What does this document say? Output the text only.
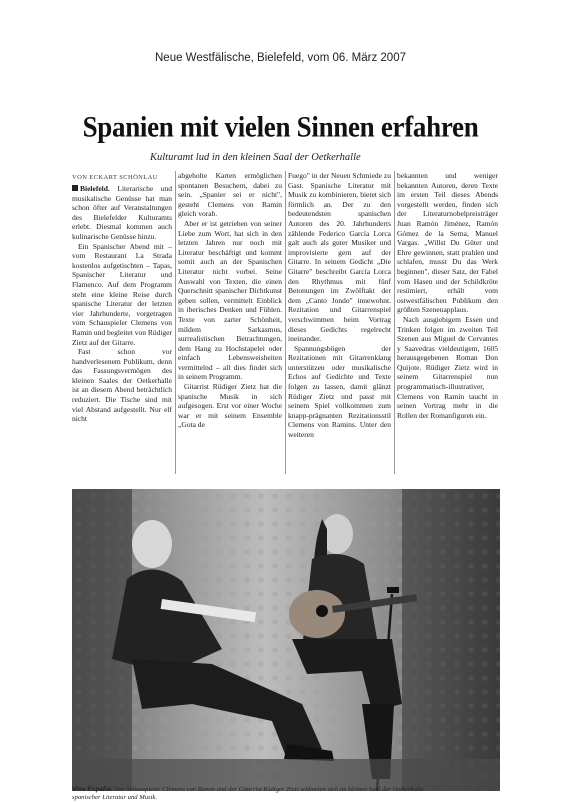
Neue Westfälische, Bielefeld, vom 06. März 2007
Spanien mit vielen Sinnen erfahren
Kulturamt lud in den kleinen Saal der Oetkerhalle
VON ECKART SCHÖNLAU

Bielefeld. Literarische und musikalische Genüsse hat man schon öfter auf Veranstaltungen des Bielefelder Kulturamts erlebt. Diesmal kommen auch kulinarische Genüsse hinzu.

Ein Spanischer Abend mit – vom Restaurant La Strada kostenlos aufgetischten – Tapas, Spanischer Literatur und Flamenco. Auf dem Programm steht eine kleine Reise durch spanische Literatur der letzten vier Jahrhunderte, vorgetragen vom Schauspieler Clemens von Ramin und begleitet von Rüdiger Zietz auf der Gitarre.

Fast schon vor handverlesenem Publikum, denn das Fassungsvermögen des kleinen Saales der Oetkerhalle ist an diesem Abend beträchtlich reduziert. Die Tische sind mit viel Abstand aufgestellt. Nur elf nicht

abgeholte Karten ermöglichen spontanen Besuchern, dabei zu sein. „Spanier sei er nicht", gesteht Clemens von Ramin gleich vorab.

Aber er ist getrieben von seiner Liebe zum Wort, hat sich in den letzten Jahren nur noch mit Literatur beschäftigt und kommt somit auch an der Spanischen Literatur nicht vorbei. Seine Auswahl von Texten, die einen Querschnitt spanischer Dichtkunst geben sollen, vermittelt Einblick in iberisches Denken und Fühlen. Texte von zarter Schönheit, mildem Sarkasmus, surrealistischen Betrachtungen, dem Hang zu Hochstapelei oder einfach Lebensweisheiten vermittelnd – all dies findet sich in seinem Programm.

Gitarrist Rüdiger Zietz hat die spanische Musik in sich aufgesogen. Erst vor einer Woche war er mit seinem Ensemble „Gota de

Fuego" in der Neuen Schmiede zu Gast. Spanische Literatur mit Musik zu kombinieren, bietet sich förmlich an. Der zu den bedeutendsten spanischen Autoren des 20. Jahrhunderts zählende Federico García Lorca galt auch als guter Musiker und improvisierte gern auf der Gitarre. In seinem Gedicht „Die Gitarre" beschreibt García Lorca den Rhythmus mit fünf Betonungen im Zwölftakt der dem „Canto Jondo" innewohnt. Rezitation und Gitarrenspiel verschwimmen beim Vortrag dieses Gedichts regelrecht ineinander.

Spannungsbögen der Rezitationen mit Gitarrenklang unterstützen oder musikalische Echos auf Gedichte und Texte folgen zu lassen, damit glänzt Rüdiger Zietz und passt mit seinem Spiel vollkommen zum knapp-prägnanten Rezitationsstil Clemens von Ramins. Unter den weiteren

bekannten und weniger bekannten Autoren, deren Texte im ersten Teil dieses Abends vorgestellt werden, finden sich der Literaturnobelpreisträger Juan Ramón Jiménez, Ramón Gómez de la Serna, Manuel Vargas. „Willst Du Güter und Ehre gewinnen, statt prahlen und schlafen, musst Du das Werk beginnen", dieser Satz, der Fabel vom Hasen und der Schildkröte resümiert, erhält vom ostwestfälischen Publikum den größten Szenenapplaus.

Nach ausgiebigem Essen und Trinken folgen im zweiten Teil Szenen aus Miguel de Cervantes y Saavedras vieldeutigem, 1605 herausgegebenen Roman Don Quijote. Rüdiger Zietz wird in seinem Gitarrenspiel nun programmatisch-illustrativer, Clemens von Ramin taucht in seinen Vortrag mehr in die Rollen der Romanfiguren ein.

FOTO: ECKART SCHÖNLAU
Viva España: Der Schauspieler Clemens von Ramin und der Gitarrist Rüdiger Zietz widmeten sich im kleinen Saal der Oetkerhalle spanischer Literatur und Musik.
